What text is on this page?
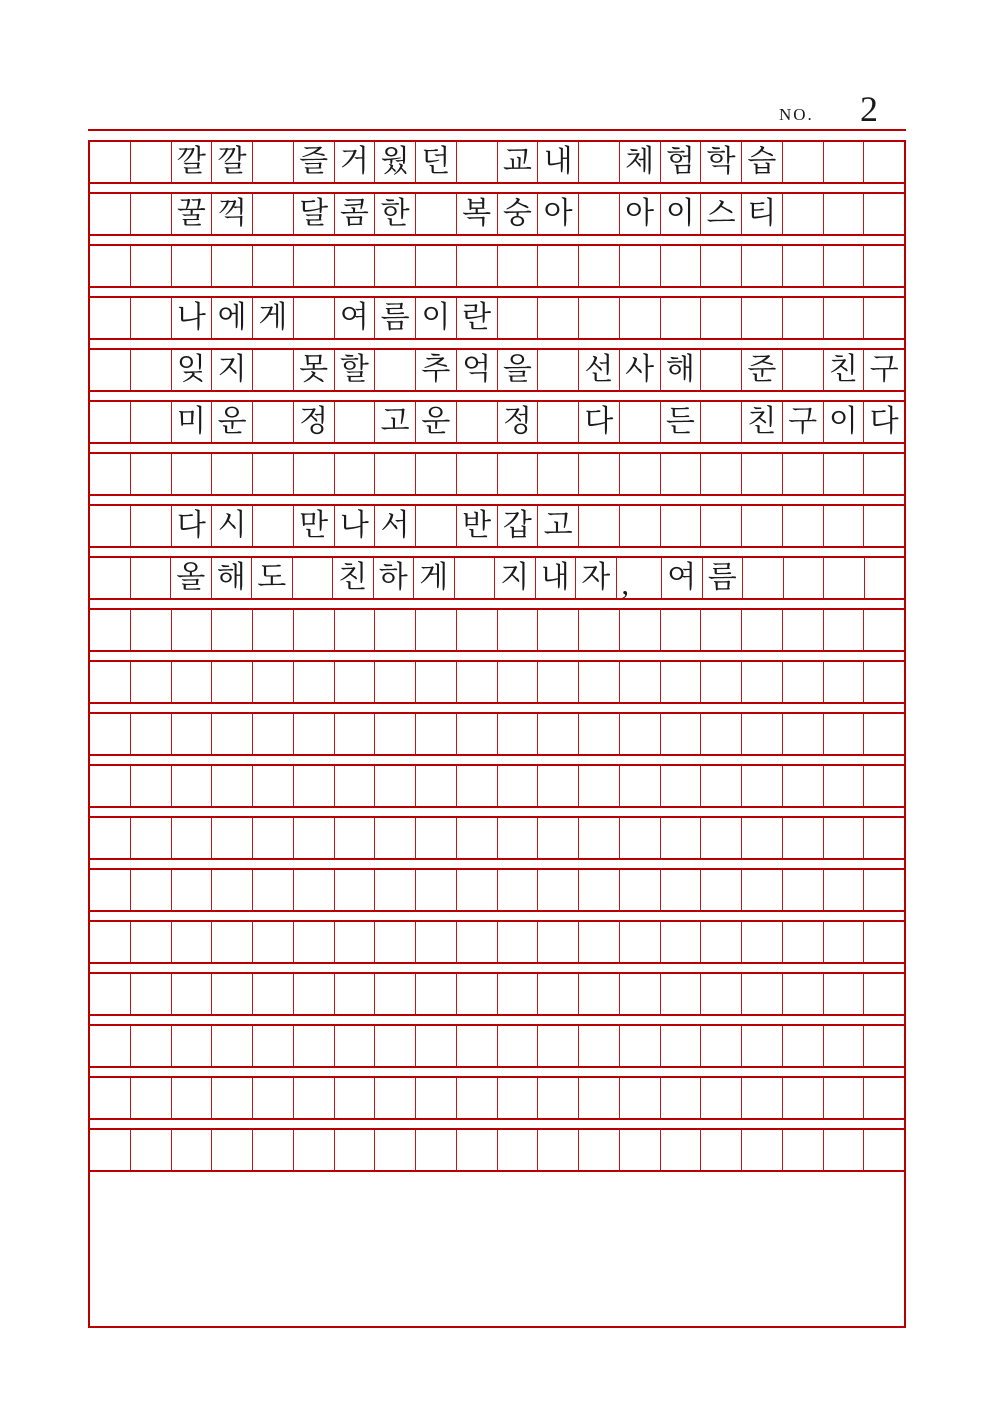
NO. 2
깔 깔 즐 거 웠 던 교 내 체 험 학 습
꿀 꺽 달 콤 한 복 숭 아 아 이 스 티
나 에 게 여 름 이 란
잊 지 못 할 추 억 을 선 사 해 준 친 구
미 운 정 고 운 정 다 든 친 구 이 다
다 시 만 나 서 반 갑 고
올 해 도 친 하 게 지 내 자 ,	여 름
